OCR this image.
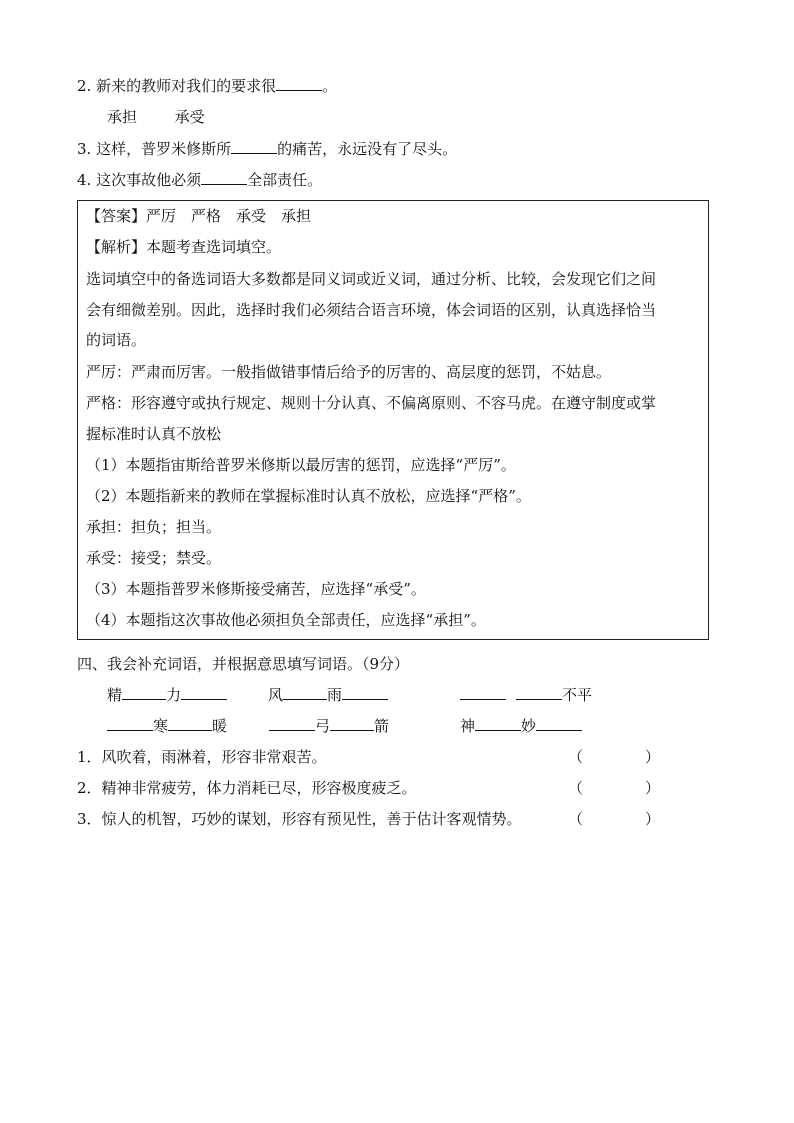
2. 新来的教师对我们的要求很	。
承担	承受
3. 这样，普罗米修斯所	的痛苦，永远没有了尽头。
4. 这次事故他必须	全部责任。
【答案】严厉　严格　承受　承担
【解析】本题考查选词填空。
选词填空中的备选词语大多数都是同义词或近义词，通过分析、比较，会发现它们之间
会有细微差别。因此，选择时我们必须结合语言环境，体会词语的区别，认真选择恰当
的词语。
严厉：严肃而厉害。一般指做错事情后给予的厉害的、高层度的惩罚，不姑息。
严格：形容遵守或执行规定、规则十分认真、不偏离原则、不容马虎。在遵守制度或掌
握标准时认真不放松
（1）本题指宙斯给普罗米修斯以最厉害的惩罚，应选择“严厉”。
（2）本题指新来的教师在掌握标准时认真不放松，应选择“严格”。
承担：担负；担当。
承受：接受；禁受。
（3）本题指普罗米修斯接受痛苦，应选择“承受”。
（4）本题指这次事故他必须担负全部责任，应选择“承担”。
四、我会补充词语，并根据意思填写词语。（9分）
精	力	风	雨	不平
寒	暖	弓	箭	神	妙
1．风吹着，雨淋着，形容非常艰苦。
2．精神非常疲劳，体力消耗已尽，形容极度疲乏。
3．惊人的机智，巧妙的谋划，形容有预见性，善于估计客观情势。
（	）
（	）
（	）
